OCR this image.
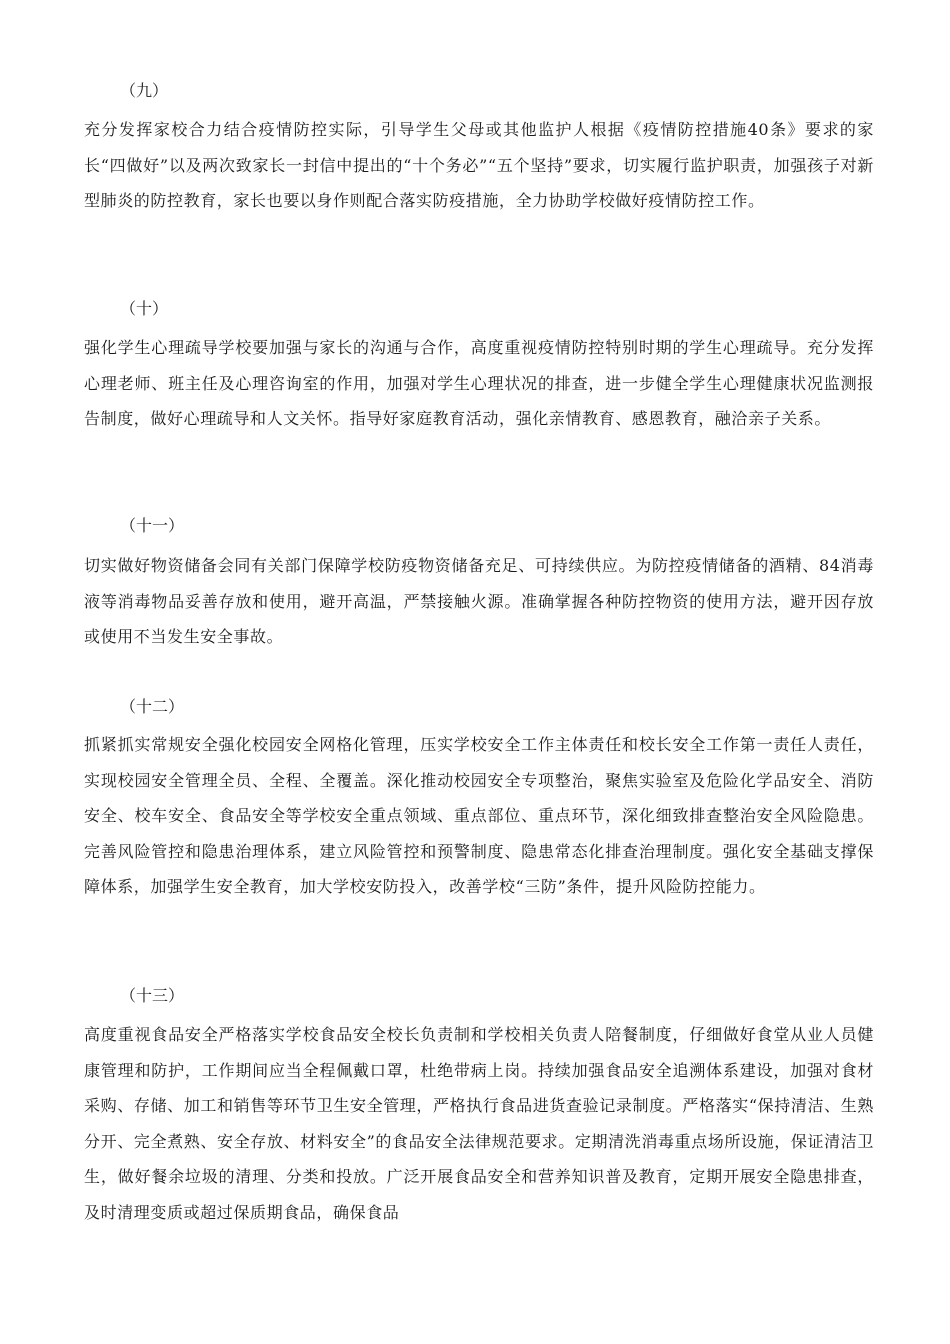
（九）

充分发挥家校合力结合疫情防控实际，引导学生父母或其他监护人根据《疫情防控措施40条》要求的家长“四做好”以及两次致家长一封信中提出的“十个务必”“五个坚持”要求，切实履行监护职责，加强孩子对新型肺炎的防控教育，家长也要以身作则配合落实防疫措施，全力协助学校做好疫情防控工作。

（十）

强化学生心理疏导学校要加强与家长的沟通与合作，高度重视疫情防控特别时期的学生心理疏导。充分发挥心理老师、班主任及心理咨询室的作用，加强对学生心理状况的排查，进一步健全学生心理健康状况监测报告制度，做好心理疏导和人文关怀。指导好家庭教育活动，强化亲情教育、感恩教育，融洽亲子关系。

（十一）

切实做好物资储备会同有关部门保障学校防疫物资储备充足、可持续供应。为防控疫情储备的酒精、84消毒液等消毒物品妥善存放和使用，避开高温，严禁接触火源。准确掌握各种防控物资的使用方法，避开因存放或使用不当发生安全事故。

（十二）

抓紧抓实常规安全强化校园安全网格化管理，压实学校安全工作主体责任和校长安全工作第一责任人责任，实现校园安全管理全员、全程、全覆盖。深化推动校园安全专项整治，聚焦实验室及危险化学品安全、消防安全、校车安全、食品安全等学校安全重点领域、重点部位、重点环节，深化细致排查整治安全风险隐患。完善风险管控和隐患治理体系，建立风险管控和预警制度、隐患常态化排查治理制度。强化安全基础支撑保障体系，加强学生安全教育，加大学校安防投入，改善学校“三防”条件，提升风险防控能力。

（十三）

高度重视食品安全严格落实学校食品安全校长负责制和学校相关负责人陪餐制度，仔细做好食堂从业人员健康管理和防护，工作期间应当全程佩戴口罩，杜绝带病上岗。持续加强食品安全追溯体系建设，加强对食材采购、存储、加工和销售等环节卫生安全管理，严格执行食品进货查验记录制度。严格落实“保持清洁、生熟分开、完全煮熟、安全存放、材料安全”的食品安全法律规范要求。定期清洗消毒重点场所设施，保证清洁卫生，做好餐余垃圾的清理、分类和投放。广泛开展食品安全和营养知识普及教育，定期开展安全隐患排查，及时清理变质或超过保质期食品，确保食品
